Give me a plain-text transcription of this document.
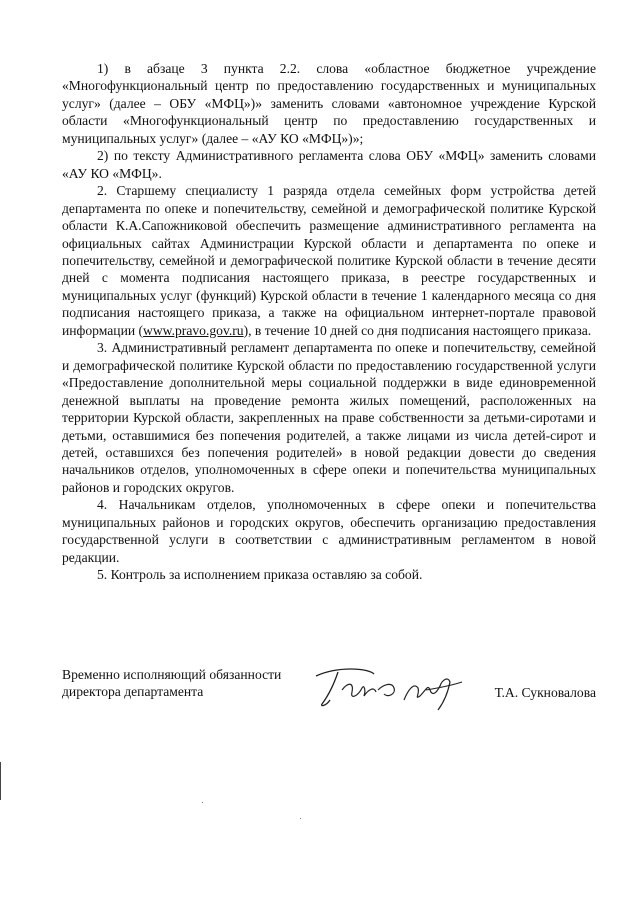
1) в абзаце 3 пункта 2.2. слова «областное бюджетное учреждение «Многофункциональный центр по предоставлению государственных и муниципальных услуг» (далее – ОБУ «МФЦ»)» заменить словами «автономное учреждение Курской области «Многофункциональный центр по предоставлению государственных и муниципальных услуг» (далее – «АУ КО «МФЦ»)»;

2) по тексту Административного регламента слова ОБУ «МФЦ» заменить словами «АУ КО «МФЦ».

2. Старшему специалисту 1 разряда отдела семейных форм устройства детей департамента по опеке и попечительству, семейной и демографической политике Курской области К.А.Сапожниковой обеспечить размещение административного регламента на официальных сайтах Администрации Курской области и департамента по опеке и попечительству, семейной и демографической политике Курской области в течение десяти дней с момента подписания настоящего приказа, в реестре государственных и муниципальных услуг (функций) Курской области в течение 1 календарного месяца со дня подписания настоящего приказа, а также на официальном интернет-портале правовой информации (www.pravo.gov.ru), в течение 10 дней со дня подписания настоящего приказа.

3. Административный регламент департамента по опеке и попечительству, семейной и демографической политике Курской области по предоставлению государственной услуги «Предоставление дополнительной меры социальной поддержки в виде единовременной денежной выплаты на проведение ремонта жилых помещений, расположенных на территории Курской области, закрепленных на праве собственности за детьми-сиротами и детьми, оставшимися без попечения родителей, а также лицами из числа детей-сирот и детей, оставшихся без попечения родителей» в новой редакции довести до сведения начальников отделов, уполномоченных в сфере опеки и попечительства муниципальных районов и городских округов.

4. Начальникам отделов, уполномоченных в сфере опеки и попечительства муниципальных районов и городских округов, обеспечить организацию предоставления государственной услуги в соответствии с административным регламентом в новой редакции.

5. Контроль за исполнением приказа оставляю за собой.

Временно исполняющий обязанности
директора департамента	Т.А. Сукновалова
